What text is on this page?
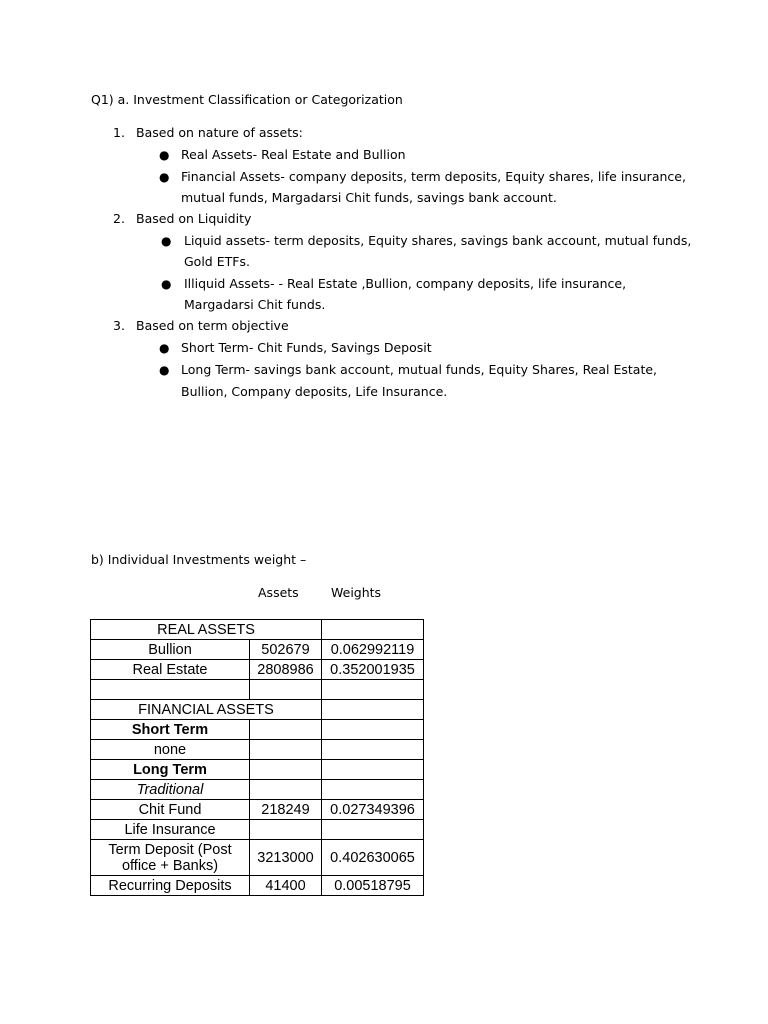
Q1) a. Investment Classification or Categorization
1. Based on nature of assets:
● Real Assets- Real Estate and Bullion
● Financial Assets- company deposits, term deposits, Equity shares, life insurance,
mutual funds, Margadarsi Chit funds, savings bank account.
2. Based on Liquidity
● Liquid assets- term deposits, Equity shares, savings bank account, mutual funds,
Gold ETFs.
● Illiquid Assets- - Real Estate ,Bullion, company deposits, life insurance,
Margadarsi Chit funds.
3. Based on term objective
● Short Term- Chit Funds, Savings Deposit
● Long Term- savings bank account, mutual funds, Equity Shares, Real Estate,
Bullion, Company deposits, Life Insurance.
b) Individual Investments weight –
Assets	Weights
REAL ASSETS		
Bullion	502679	0.062992119
Real Estate	2808986	0.352001935

FINANCIAL ASSETS		
Short Term		
none		
Long Term		
Traditional		
Chit Fund	218249	0.027349396
Life Insurance		

Term Deposit (Post
office + Banks)	3213000	0.402630065
Recurring Deposits	41400	0.00518795
